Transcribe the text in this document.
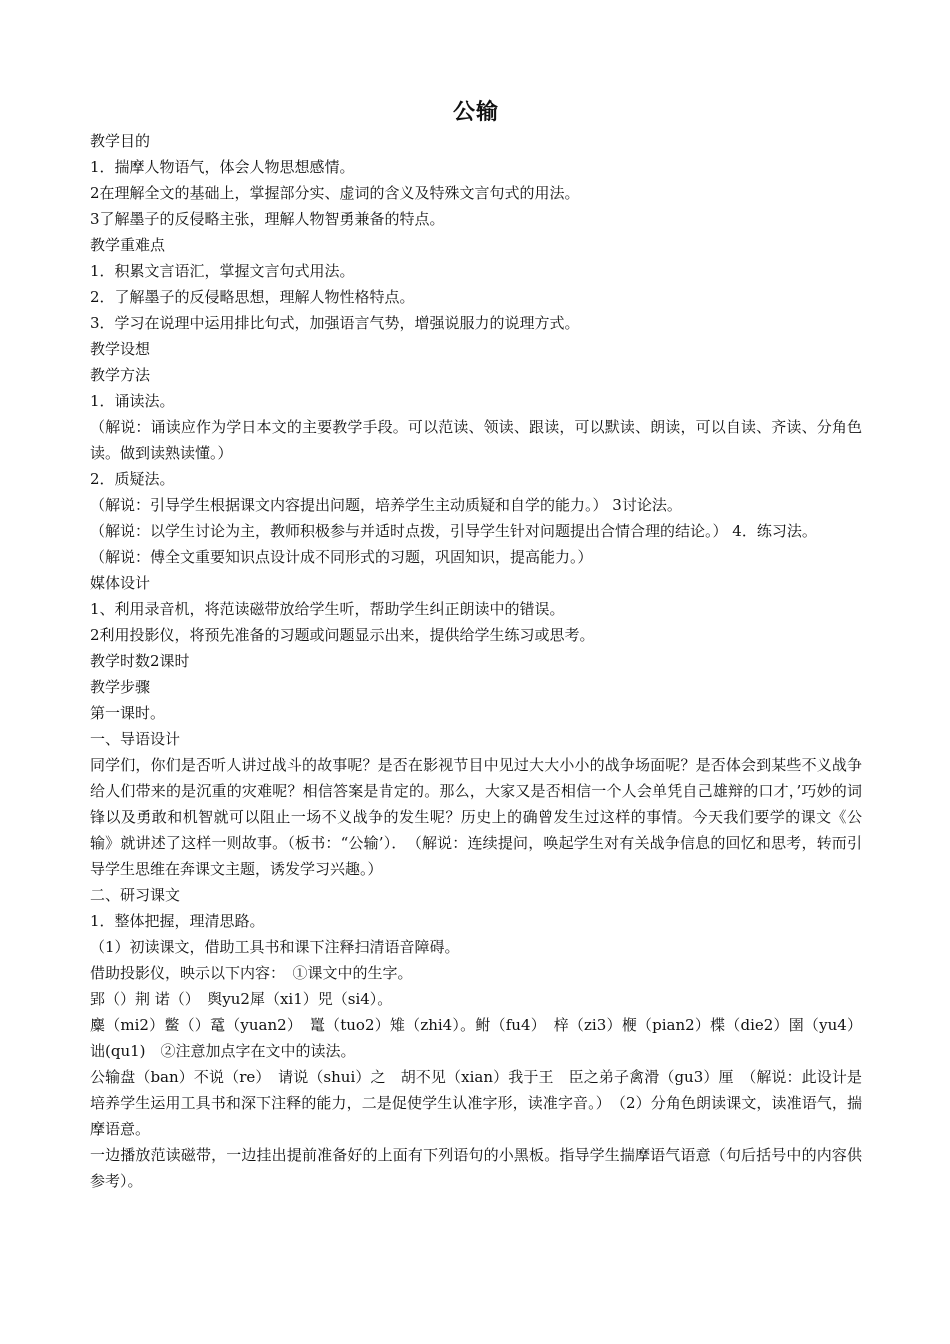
公输
教学目的
1．揣摩人物语气，体会人物思想感情。
2在理解全文的基础上，掌握部分实、虚词的含义及特殊文言句式的用法。
3了解墨子的反侵略主张，理解人物智勇兼备的特点。
教学重难点
1．积累文言语汇，掌握文言句式用法。
2．了解墨子的反侵略思想，理解人物性格特点。
3．学习在说理中运用排比句式，加强语言气势，增强说服力的说理方式。
教学设想
教学方法
1．诵读法。
（解说：诵读应作为学日本文的主要教学手段。可以范读、领读、跟读，可以默读、朗读，可以自读、齐读、分角色读。做到读熟读懂。）
2．质疑法。
（解说：引导学生根据课文内容提出问题，培养学生主动质疑和自学的能力。） 3讨论法。
（解说：以学生讨论为主，教师积极参与并适时点拨，引导学生针对问题提出合情合理的结论。） 4．练习法。
（解说：傅全文重要知识点设计成不同形式的习题，巩固知识，提高能力。）
媒体设计
1、利用录音机，将范读磁带放给学生听，帮助学生纠正朗读中的错误。
2利用投影仪，将预先准备的习题或问题显示出来，提供给学生练习或思考。
教学时数2课时
教学步骤
第一课时。
一、导语设计
同学们，你们是否听人讲过战斗的故事呢？是否在影视节目中见过大大小小的战争场面呢？是否体会到某些不义战争给人们带来的是沉重的灾难呢？相信答案是肯定的。那么，大家又是否相信一个人会单凭自己雄辩的口才，’巧妙的词锋以及勇敢和机智就可以阻止一场不义战争的发生呢？历史上的确曾发生过这样的事情。今天我们要学的课文《公输》就讲述了这样一则故事。（板书：“公输’）．　（解说：连续提问，唤起学生对有关战争信息的回忆和思考，转而引导学生思维在奔课文主题，诱发学习兴趣。）
二、研习课文
1．整体把握，理清思路。
（1）初读课文，借助工具书和课下注释扫清语音障碍。
借助投影仪，映示以下内容：　①课文中的生字。
郢（）荆 诺（）　舆yu2犀（xi1）兕（si4）。
麋（mi2）鳖（）鼋（yuan2）　鼍（tuo2）雉（zhi4）。鲋（fu4）　梓（zi3）楩（pian2）楪（die2）圉（yu4）诎(qu1)　②注意加点字在文中的读法。
公输盘（ban）不说（re）　请说（shui）之　胡不见（xian）我于王　臣之弟子禽滑（gu3）厘　（解说：此设计是培养学生运用工具书和深下注释的能力，二是促使学生认准字形，读准字音。）　（2）分角色朗读课文，读准语气，揣摩语意。
一边播放范读磁带，一边挂出提前准备好的上面有下列语句的小黑板。指导学生揣摩语气语意（句后括号中的内容供参考）。
